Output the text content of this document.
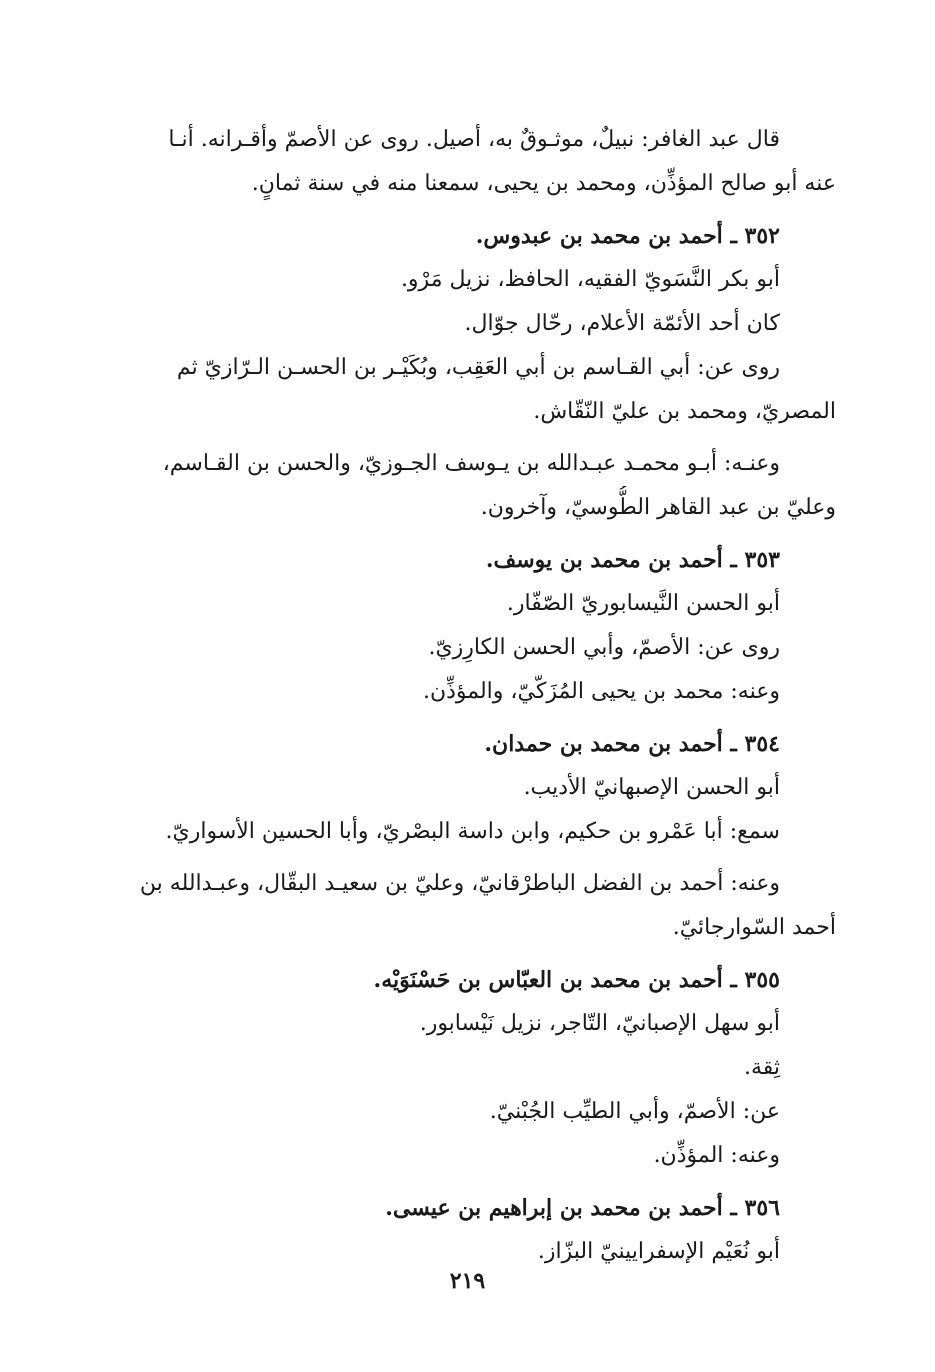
قال عبد الغافر: نبيلٌ، موثـوقٌ به، أصيل. روى عن الأصمّ وأقـرانه. أنـا
عنه أبو صالح المؤذِّن، ومحمد بن يحيى، سمعنا منه في سنة ثمانٍ.
٣٥٢ ـ أحمد بن محمد بن عبدوس.
أبو بكر النَّسَويّ الفقيه، الحافظ، نزيل مَرْو.
كان أحد الأئمّة الأعلام، رحّال جوّال.
روى عن: أبي القـاسم بن أبي العَقِب، وبُكَيْـر بن الحسـن الـرّازيّ ثم
المصريّ، ومحمد بن عليّ النّقّاش.
وعنـه: أبـو محمـد عبـدالله بن يـوسف الجـوزيّ، والحسن بن القـاسم،
وعليّ بن عبد القاهر الطُّوسيّ، وآخرون.
٣٥٣ ـ أحمد بن محمد بن يوسف.
أبو الحسن النَّيسابوريّ الصّفّار.
روى عن: الأصمّ، وأبي الحسن الكارِزيّ.
وعنه: محمد بن يحيى المُزَكّيّ، والمؤذِّن.
٣٥٤ ـ أحمد بن محمد بن حمدان.
أبو الحسن الإصبهانيّ الأديب.
سمع: أبا عَمْرو بن حكيم، وابن داسة البصْريّ، وأبا الحسين الأسواريّ.
وعنه: أحمد بن الفضل الباطرْقانيّ، وعليّ بن سعيـد البقّال، وعبـدالله بن
أحمد السّوارجائيّ.
٣٥٥ ـ أحمد بن محمد بن العبّاس بن حَسْنَوَيْه.
أبو سهل الإصبانيّ، التّاجر، نزيل نَيْسابور.
ثِقة.
عن: الأصمّ، وأبي الطيِّب الجُبْنيّ.
وعنه: المؤذِّن.
٣٥٦ ـ أحمد بن محمد بن إبراهيم بن عيسى.
أبو نُعَيْم الإسفرايينيّ البزّاز.
٢١٩
